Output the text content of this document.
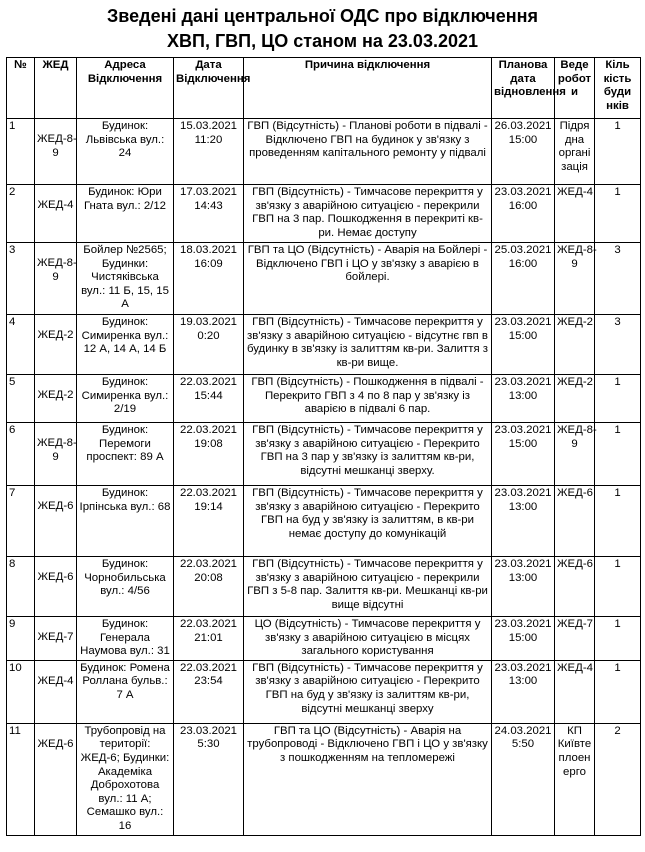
Зведені дані центральної ОДС про відключення
ХВП, ГВП, ЦО станом на 23.03.2021
№	ЖЕД	Адреса Відключення	Дата Відключення	Причина відключення	Планова дата відновлення	Веде робот и	Кіль кість буди нків
1	ЖЕД-8-9	Будинок: Львівська вул.: 24	15.03.2021 11:20	ГВП (Відсутність) - Планові роботи в підвалі - Відключено ГВП на будинок у зв'язку з проведенням капітального ремонту у підвалі	26.03.2021 15:00	Підря дна органі зація	1
2	ЖЕД-4	Будинок: Юри Гната вул.: 2/12	17.03.2021 14:43	ГВП (Відсутність) - Тимчасове перекриття у зв'язку з аварійною ситуацією - перекрили ГВП на 3 пар. Пошкодження в перекриті кв-ри. Немає доступу	23.03.2021 16:00	ЖЕД-4	1
3	ЖЕД-8-9	Бойлер №2565; Будинки: Чистяківська вул.: 11 Б, 15, 15 А	18.03.2021 16:09	ГВП та ЦО (Відсутність) - Аварія на Бойлері - Відключено ГВП і ЦО у зв'язку з аварією в бойлері.	25.03.2021 16:00	ЖЕД-8-9	3
4	ЖЕД-2	Будинок: Симиренка вул.: 12 А, 14 А, 14 Б	19.03.2021 0:20	ГВП (Відсутність) - Тимчасове перекриття у зв'язку з аварійною ситуацією - відсутнє гвп в будинку в зв'язку із залиттям кв-ри. Залиття з кв-ри вище.	23.03.2021 15:00	ЖЕД-2	3
5	ЖЕД-2	Будинок: Симиренка вул.: 2/19	22.03.2021 15:44	ГВП (Відсутність) - Пошкодження в підвалі - Перекрито ГВП з 4 по 8 пар у зв'язку із аварією в підвалі 6 пар.	23.03.2021 13:00	ЖЕД-2	1
6	ЖЕД-8-9	Будинок: Перемоги проспект: 89 А	22.03.2021 19:08	ГВП (Відсутність) - Тимчасове перекриття у зв'язку з аварійною ситуацією - Перекрито ГВП на 3 пар у зв'язку із залиттям кв-ри, відсутні мешканці зверху.	23.03.2021 15:00	ЖЕД-8-9	1
7	ЖЕД-6	Будинок: Ірпінська вул.: 68	22.03.2021 19:14	ГВП (Відсутність) - Тимчасове перекриття у зв'язку з аварійною ситуацією - Перекрито ГВП на буд у зв'язку із залиттям, в кв-ри немає доступу до комунікацій	23.03.2021 13:00	ЖЕД-6	1
8	ЖЕД-6	Будинок: Чорнобильська вул.: 4/56	22.03.2021 20:08	ГВП (Відсутність) - Тимчасове перекриття у зв'язку з аварійною ситуацією - перекрили ГВП з 5-8 пар. Залиття кв-ри. Мешканці кв-ри вище відсутні	23.03.2021 13:00	ЖЕД-6	1
9	ЖЕД-7	Будинок: Генерала Наумова вул.: 31	22.03.2021 21:01	ЦО (Відсутність) - Тимчасове перекриття у зв'язку з аварійною ситуацією в місцях загального користування	23.03.2021 15:00	ЖЕД-7	1
10	ЖЕД-4	Будинок: Ромена Роллана бульв.: 7 А	22.03.2021 23:54	ГВП (Відсутність) - Тимчасове перекриття у зв'язку з аварійною ситуацією - Перекрито ГВП на буд у зв'язку із залиттям кв-ри, відсутні мешканці зверху	23.03.2021 13:00	ЖЕД-4	1
11	ЖЕД-6	Трубопровід на території: ЖЕД-6; Будинки: Академіка Доброхотова вул.: 11 А; Семашко вул.: 16	23.03.2021 5:30	ГВП та ЦО (Відсутність) - Аварія на трубопроводі - Відключено ГВП і ЦО у зв'язку з пошкодженням на тепломережі	24.03.2021 5:50	КП Київте плоен ерго	2
